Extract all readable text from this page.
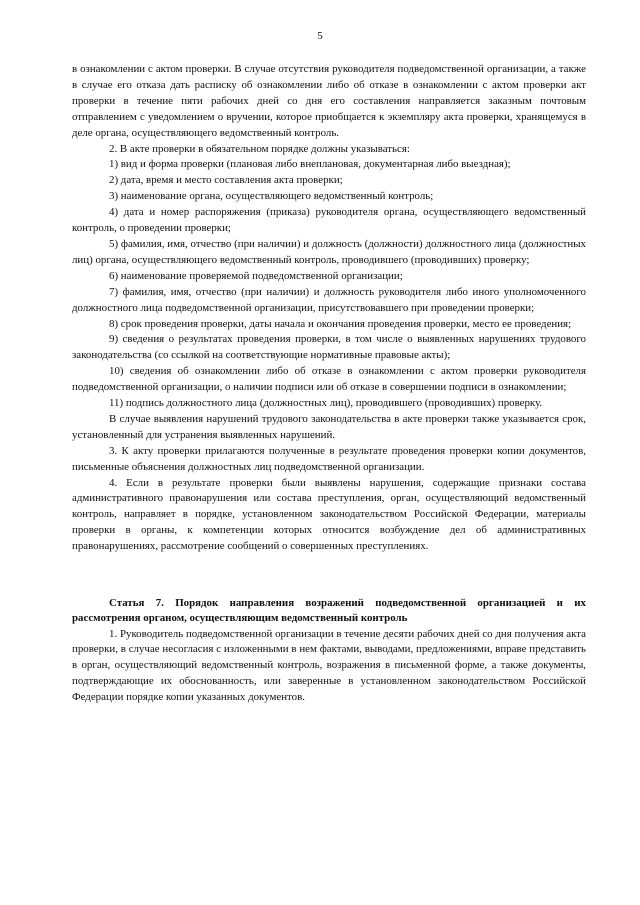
5

в ознакомлении с актом проверки. В случае отсутствия руководителя подведомственной организации, а также в случае его отказа дать расписку об ознакомлении либо об отказе в ознакомлении с актом проверки акт проверки в течение пяти рабочих дней со дня его составления направляется заказным почтовым отправлением с уведомлением о вручении, которое приобщается к экземпляру акта проверки, хранящемуся в деле органа, осуществляющего ведомственный контроль.

2. В акте проверки в обязательном порядке должны указываться:

1) вид и форма проверки (плановая либо внеплановая, документарная либо выездная);

2) дата, время и место составления акта проверки;

3) наименование органа, осуществляющего ведомственный контроль;

4) дата и номер распоряжения (приказа) руководителя органа, осуществляющего ведомственный контроль, о проведении проверки;

5) фамилия, имя, отчество (при наличии) и должность (должности) должностного лица (должностных лиц) органа, осуществляющего ведомственный контроль, проводившего (проводивших) проверку;

6) наименование проверяемой подведомственной организации;

7) фамилия, имя, отчество (при наличии) и должность руководителя либо иного уполномоченного должностного лица подведомственной организации, присутствовавшего при проведении проверки;

8) срок проведения проверки, даты начала и окончания проведения проверки, место ее проведения;

9) сведения о результатах проведения проверки, в том числе о выявленных нарушениях трудового законодательства (со ссылкой на соответствующие нормативные правовые акты);

10) сведения об ознакомлении либо об отказе в ознакомлении с актом проверки руководителя подведомственной организации, о наличии подписи или об отказе в совершении подписи в ознакомлении;

11) подпись должностного лица (должностных лиц), проводившего (проводивших) проверку.

В случае выявления нарушений трудового законодательства в акте проверки также указывается срок, установленный для устранения выявленных нарушений.

3. К акту проверки прилагаются полученные в результате проведения проверки копии документов, письменные объяснения должностных лиц подведомственной организации.

4. Если в результате проверки были выявлены нарушения, содержащие признаки состава административного правонарушения или состава преступления, орган, осуществляющий ведомственный контроль, направляет в порядке, установленном законодательством Российской Федерации, материалы проверки в органы, к компетенции которых относится возбуждение дел об административных правонарушениях, рассмотрение сообщений о совершенных преступлениях.

Статья 7. Порядок направления возражений подведомственной организацией и их рассмотрения органом, осуществляющим ведомственный контроль

1. Руководитель подведомственной организации в течение десяти рабочих дней со дня получения акта проверки, в случае несогласия с изложенными в нем фактами, выводами, предложениями, вправе представить в орган, осуществляющий ведомственный контроль, возражения в письменной форме, а также документы, подтверждающие их обоснованность, или заверенные в установленном законодательством Российской Федерации порядке копии указанных документов.
